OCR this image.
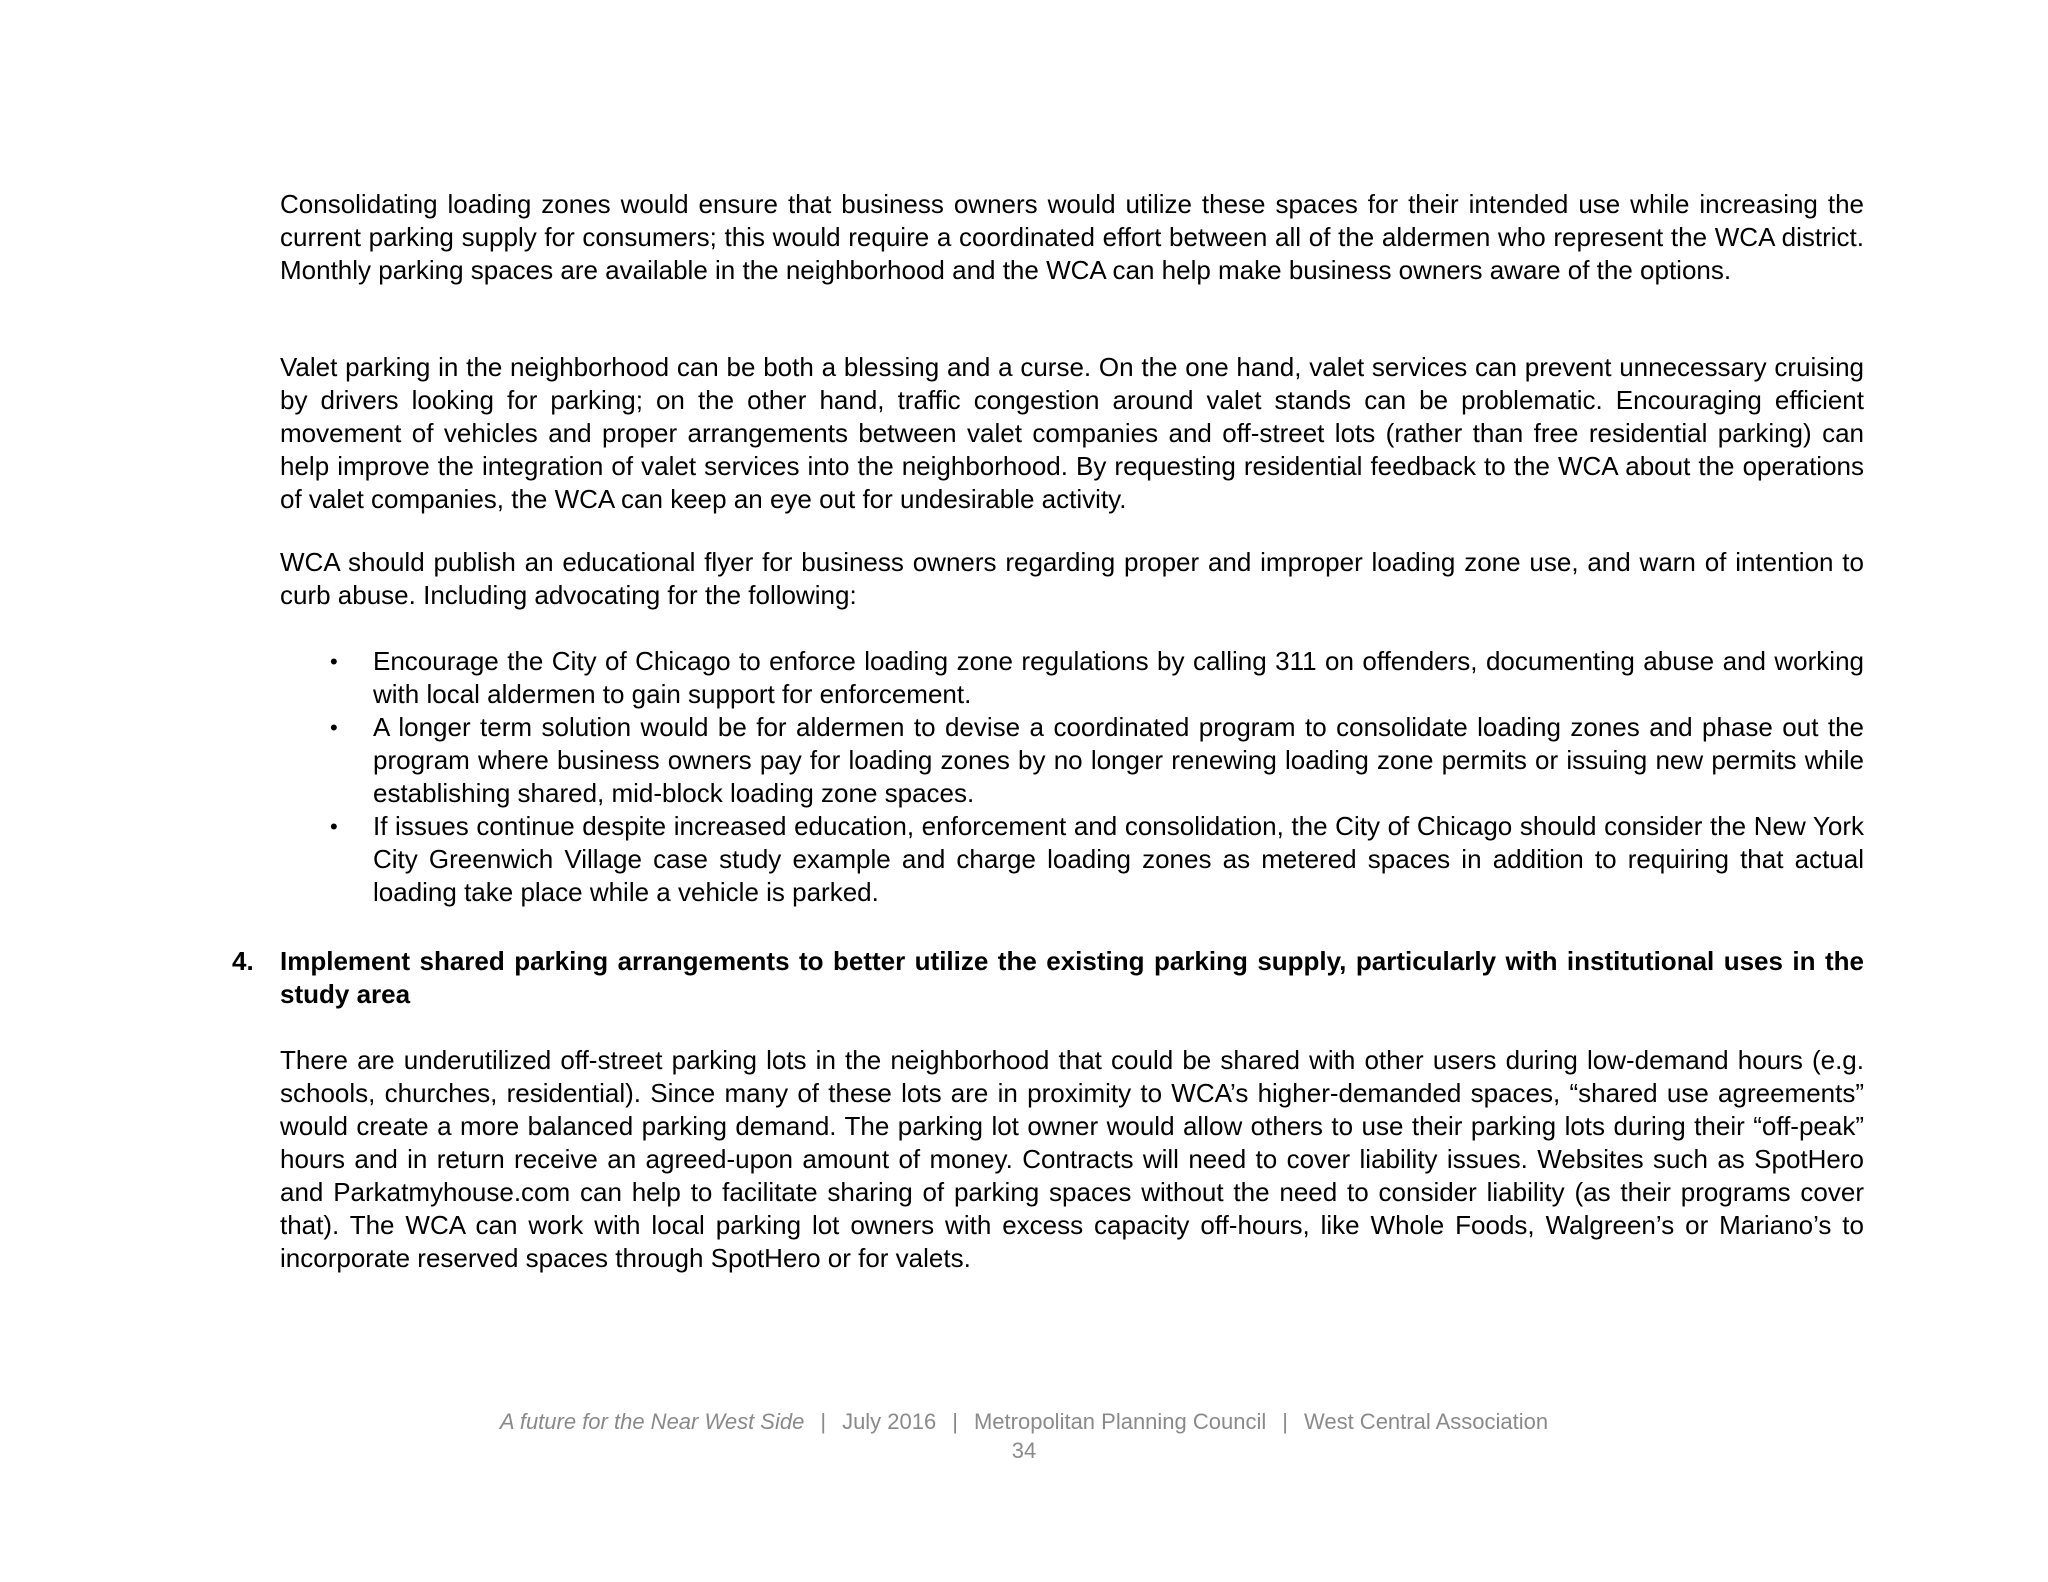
Consolidating loading zones would ensure that business owners would utilize these spaces for their intended use while increasing the current parking supply for consumers; this would require a coordinated effort between all of the aldermen who represent the WCA district. Monthly parking spaces are available in the neighborhood and the WCA can help make business owners aware of the options.

Valet parking in the neighborhood can be both a blessing and a curse. On the one hand, valet services can prevent unnecessary cruising by drivers looking for parking; on the other hand, traffic congestion around valet stands can be problematic. Encouraging efficient movement of vehicles and proper arrangements between valet companies and off-street lots (rather than free residential parking) can help improve the integration of valet services into the neighborhood. By requesting residential feedback to the WCA about the operations of valet companies, the WCA can keep an eye out for undesirable activity.

WCA should publish an educational flyer for business owners regarding proper and improper loading zone use, and warn of intention to curb abuse. Including advocating for the following:

• Encourage the City of Chicago to enforce loading zone regulations by calling 311 on offenders, documenting abuse and working with local aldermen to gain support for enforcement.
• A longer term solution would be for aldermen to devise a coordinated program to consolidate loading zones and phase out the program where business owners pay for loading zones by no longer renewing loading zone permits or issuing new permits while establishing shared, mid-block loading zone spaces.
• If issues continue despite increased education, enforcement and consolidation, the City of Chicago should consider the New York City Greenwich Village case study example and charge loading zones as metered spaces in addition to requiring that actual loading take place while a vehicle is parked.
4. Implement shared parking arrangements to better utilize the existing parking supply, particularly with institutional uses in the study area

There are underutilized off-street parking lots in the neighborhood that could be shared with other users during low-demand hours (e.g. schools, churches, residential). Since many of these lots are in proximity to WCA’s higher-demanded spaces, “shared use agreements” would create a more balanced parking demand. The parking lot owner would allow others to use their parking lots during their “off-peak” hours and in return receive an agreed-upon amount of money. Contracts will need to cover liability issues. Websites such as SpotHero and Parkatmyhouse.com can help to facilitate sharing of parking spaces without the need to consider liability (as their programs cover that). The WCA can work with local parking lot owners with excess capacity off-hours, like Whole Foods, Walgreen’s or Mariano’s to incorporate reserved spaces through SpotHero or for valets.

A future for the Near West Side | July 2016 | Metropolitan Planning Council | West Central Association
34
